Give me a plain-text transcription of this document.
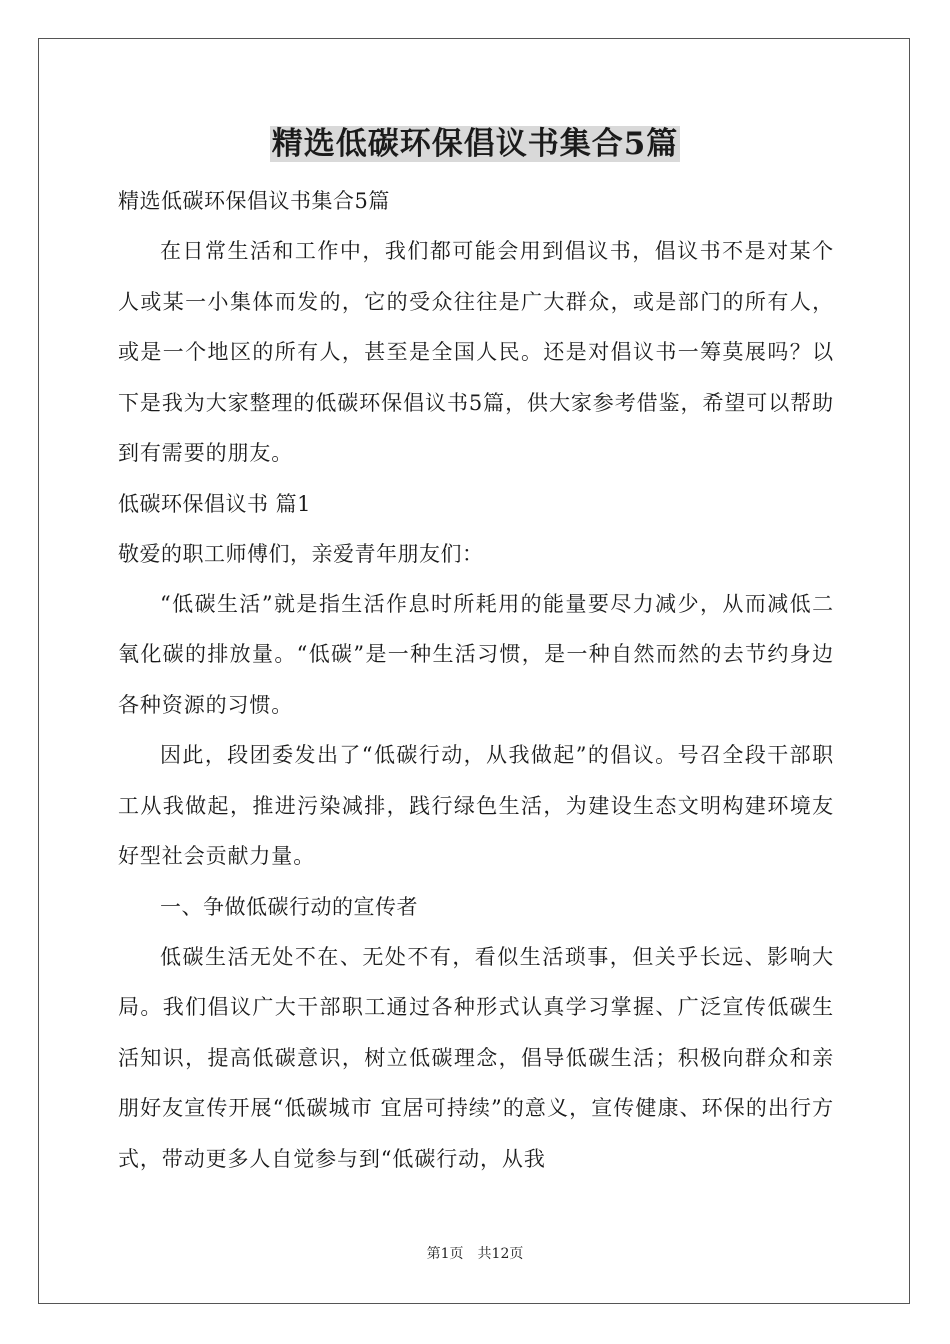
精选低碳环保倡议书集合5篇

精选低碳环保倡议书集合5篇

在日常生活和工作中，我们都可能会用到倡议书，倡议书不是对某个人或某一小集体而发的，它的受众往往是广大群众，或是部门的所有人，或是一个地区的所有人，甚至是全国人民。还是对倡议书一筹莫展吗？以下是我为大家整理的低碳环保倡议书5篇，供大家参考借鉴，希望可以帮助到有需要的朋友。

低碳环保倡议书 篇1

敬爱的职工师傅们，亲爱青年朋友们：

“低碳生活”就是指生活作息时所耗用的能量要尽力减少，从而减低二氧化碳的排放量。“低碳”是一种生活习惯，是一种自然而然的去节约身边各种资源的习惯。

因此，段团委发出了“低碳行动，从我做起”的倡议。号召全段干部职工从我做起，推进污染减排，践行绿色生活，为建设生态文明构建环境友好型社会贡献力量。

一、争做低碳行动的宣传者

低碳生活无处不在、无处不有，看似生活琐事，但关乎长远、影响大局。我们倡议广大干部职工通过各种形式认真学习掌握、广泛宣传低碳生活知识，提高低碳意识，树立低碳理念，倡导低碳生活；积极向群众和亲朋好友宣传开展“低碳城市 宜居可持续”的意义，宣传健康、环保的出行方式，带动更多人自觉参与到“低碳行动，从我

第1页　共12页
